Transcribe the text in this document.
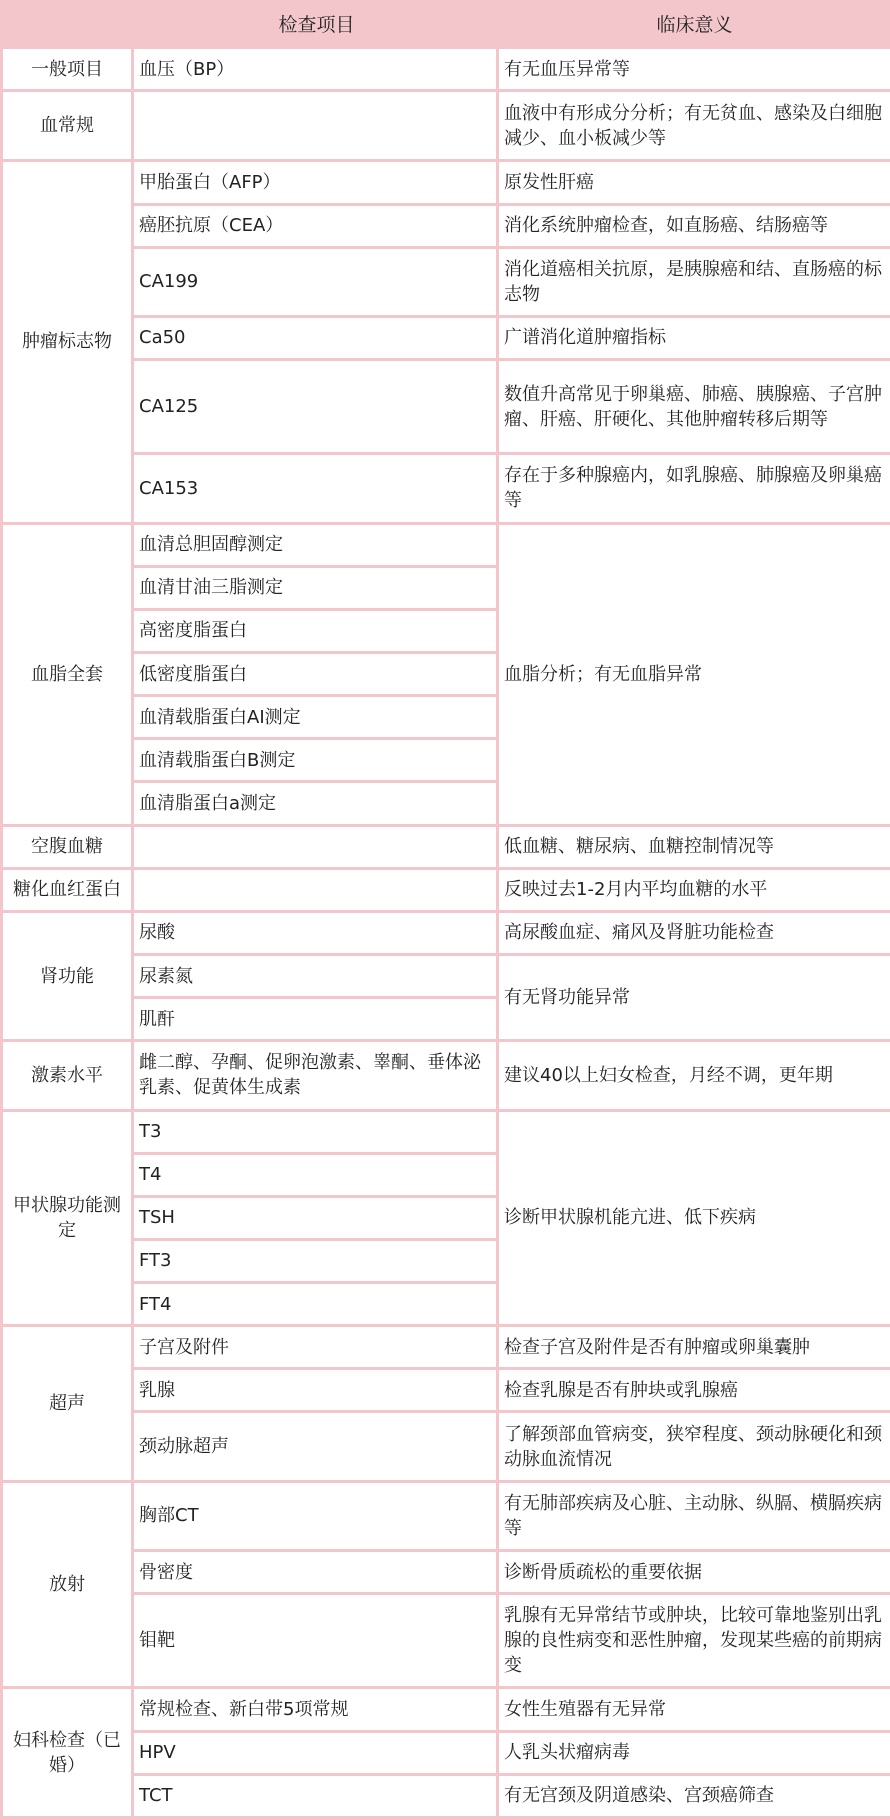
	检查项目	临床意义
一般项目	血压（BP）	有无血压异常等
血常规		血液中有形成分分析；有无贫血、感染及白细胞减少、血小板减少等
肿瘤标志物	甲胎蛋白（AFP）	原发性肝癌
	癌胚抗原（CEA）	消化系统肿瘤检查，如直肠癌、结肠癌等
	CA199	消化道癌相关抗原，是胰腺癌和结、直肠癌的标志物
	Ca50	广谱消化道肿瘤指标
	CA125	数值升高常见于卵巢癌、肺癌、胰腺癌、子宫肿瘤、肝癌、肝硬化、其他肿瘤转移后期等
	CA153	存在于多种腺癌内，如乳腺癌、肺腺癌及卵巢癌等
血脂全套	血清总胆固醇测定	血脂分析；有无血脂异常
	血清甘油三脂测定	
	高密度脂蛋白	
	低密度脂蛋白	
	血清载脂蛋白AI测定	
	血清载脂蛋白B测定	
	血清脂蛋白a测定	
空腹血糖		低血糖、糖尿病、血糖控制情况等
糖化血红蛋白		反映过去1-2月内平均血糖的水平
肾功能	尿酸	高尿酸血症、痛风及肾脏功能检查
	尿素氮	有无肾功能异常
	肌酐	
激素水平	雌二醇、孕酮、促卵泡激素、睾酮、垂体泌乳素、促黄体生成素	建议40以上妇女检查，月经不调，更年期
甲状腺功能测定	T3	诊断甲状腺机能亢进、低下疾病
	T4	
	TSH	
	FT3	
	FT4	
超声	子宫及附件	检查子宫及附件是否有肿瘤或卵巢囊肿
	乳腺	检查乳腺是否有肿块或乳腺癌
	颈动脉超声	了解颈部血管病变，狭窄程度、颈动脉硬化和颈动脉血流情况
放射	胸部CT	有无肺部疾病及心脏、主动脉、纵膈、横膈疾病等
	骨密度	诊断骨质疏松的重要依据
	钼靶	乳腺有无异常结节或肿块，比较可靠地鉴别出乳腺的良性病变和恶性肿瘤，发现某些癌的前期病变
妇科检查（已婚）	常规检查、新白带5项常规	女性生殖器有无异常
	HPV	人乳头状瘤病毒
	TCT	有无宫颈及阴道感染、宫颈癌筛查
